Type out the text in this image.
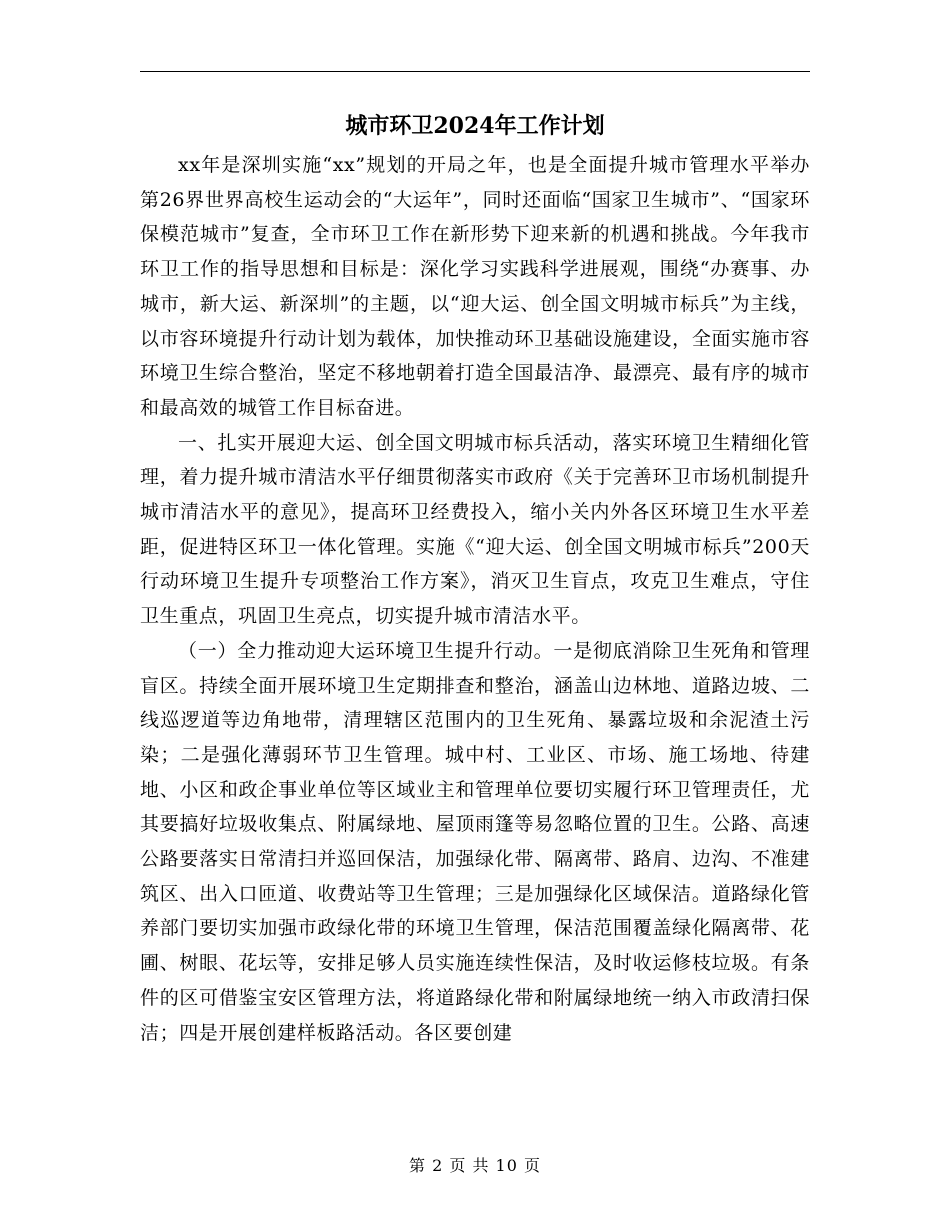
城市环卫2024年工作计划

xx年是深圳实施“xx”规划的开局之年，也是全面提升城市管理水平举办第26界世界高校生运动会的“大运年”，同时还面临“国家卫生城市”、“国家环保模范城市”复查，全市环卫工作在新形势下迎来新的机遇和挑战。今年我市环卫工作的指导思想和目标是：深化学习实践科学进展观，围绕“办赛事、办城市，新大运、新深圳”的主题，以“迎大运、创全国文明城市标兵”为主线，以市容环境提升行动计划为载体，加快推动环卫基础设施建设，全面实施市容环境卫生综合整治，坚定不移地朝着打造全国最洁净、最漂亮、最有序的城市和最高效的城管工作目标奋进。

一、扎实开展迎大运、创全国文明城市标兵活动，落实环境卫生精细化管理，着力提升城市清洁水平仔细贯彻落实市政府《关于完善环卫市场机制提升城市清洁水平的意见》，提高环卫经费投入，缩小关内外各区环境卫生水平差距，促进特区环卫一体化管理。实施《“迎大运、创全国文明城市标兵”200天行动环境卫生提升专项整治工作方案》，消灭卫生盲点，攻克卫生难点，守住卫生重点，巩固卫生亮点，切实提升城市清洁水平。

（一）全力推动迎大运环境卫生提升行动。一是彻底消除卫生死角和管理盲区。持续全面开展环境卫生定期排查和整治，涵盖山边林地、道路边坡、二线巡逻道等边角地带，清理辖区范围内的卫生死角、暴露垃圾和余泥渣土污染；二是强化薄弱环节卫生管理。城中村、工业区、市场、施工场地、待建地、小区和政企事业单位等区域业主和管理单位要切实履行环卫管理责任，尤其要搞好垃圾收集点、附属绿地、屋顶雨篷等易忽略位置的卫生。公路、高速公路要落实日常清扫并巡回保洁，加强绿化带、隔离带、路肩、边沟、不准建筑区、出入口匝道、收费站等卫生管理；三是加强绿化区域保洁。道路绿化管养部门要切实加强市政绿化带的环境卫生管理，保洁范围覆盖绿化隔离带、花圃、树眼、花坛等，安排足够人员实施连续性保洁，及时收运修枝垃圾。有条件的区可借鉴宝安区管理方法，将道路绿化带和附属绿地统一纳入市政清扫保洁；四是开展创建样板路活动。各区要创建

第 2 页 共 10 页
